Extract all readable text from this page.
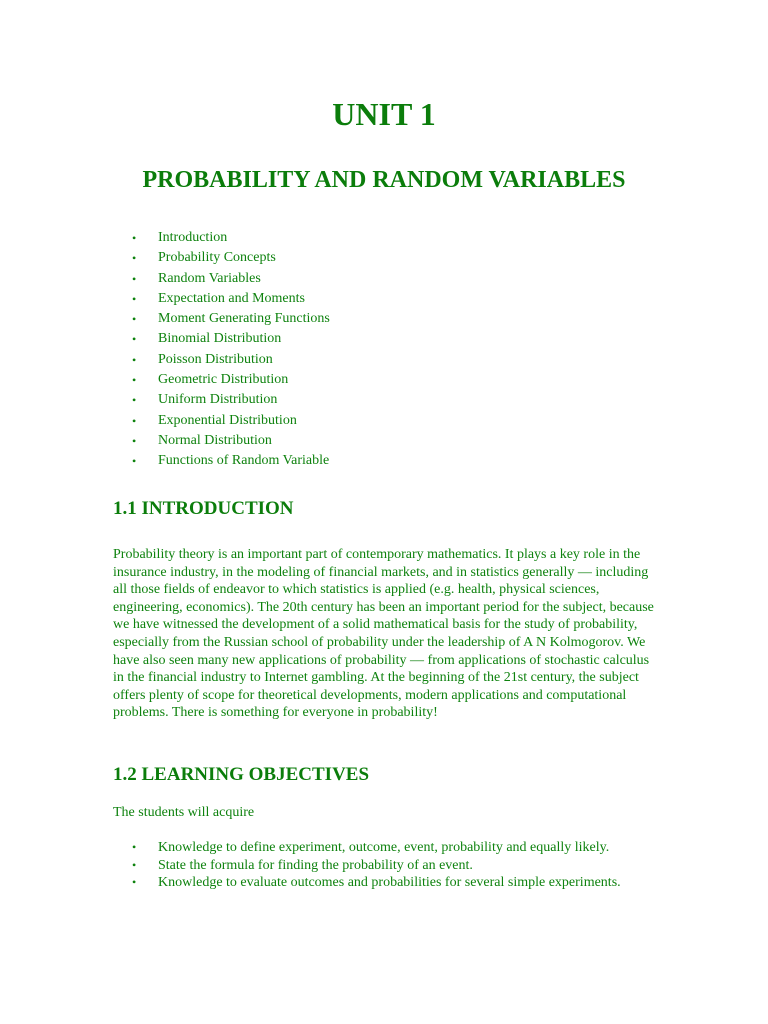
UNIT 1
PROBABILITY AND RANDOM VARIABLES
• Introduction
• Probability Concepts
• Random Variables
• Expectation and Moments
• Moment Generating Functions
• Binomial Distribution
• Poisson Distribution
• Geometric Distribution
• Uniform Distribution
• Exponential Distribution
• Normal Distribution
• Functions of Random Variable
1.1 INTRODUCTION

Probability theory is an important part of contemporary mathematics. It plays a key role in the insurance industry, in the modeling of financial markets, and in statistics generally — including all those fields of endeavor to which statistics is applied (e.g. health, physical sciences, engineering, economics). The 20th century has been an important period for the subject, because we have witnessed the development of a solid mathematical basis for the study of probability, especially from the Russian school of probability under the leadership of A N Kolmogorov. We have also seen many new applications of probability — from applications of stochastic calculus in the financial industry to Internet gambling. At the beginning of the 21st century, the subject offers plenty of scope for theoretical developments, modern applications and computational problems. There is something for everyone in probability!

1.2 LEARNING OBJECTIVES

The students will acquire

• Knowledge to define experiment, outcome, event, probability and equally likely.
• State the formula for finding the probability of an event.
• Knowledge to evaluate outcomes and probabilities for several simple experiments.
